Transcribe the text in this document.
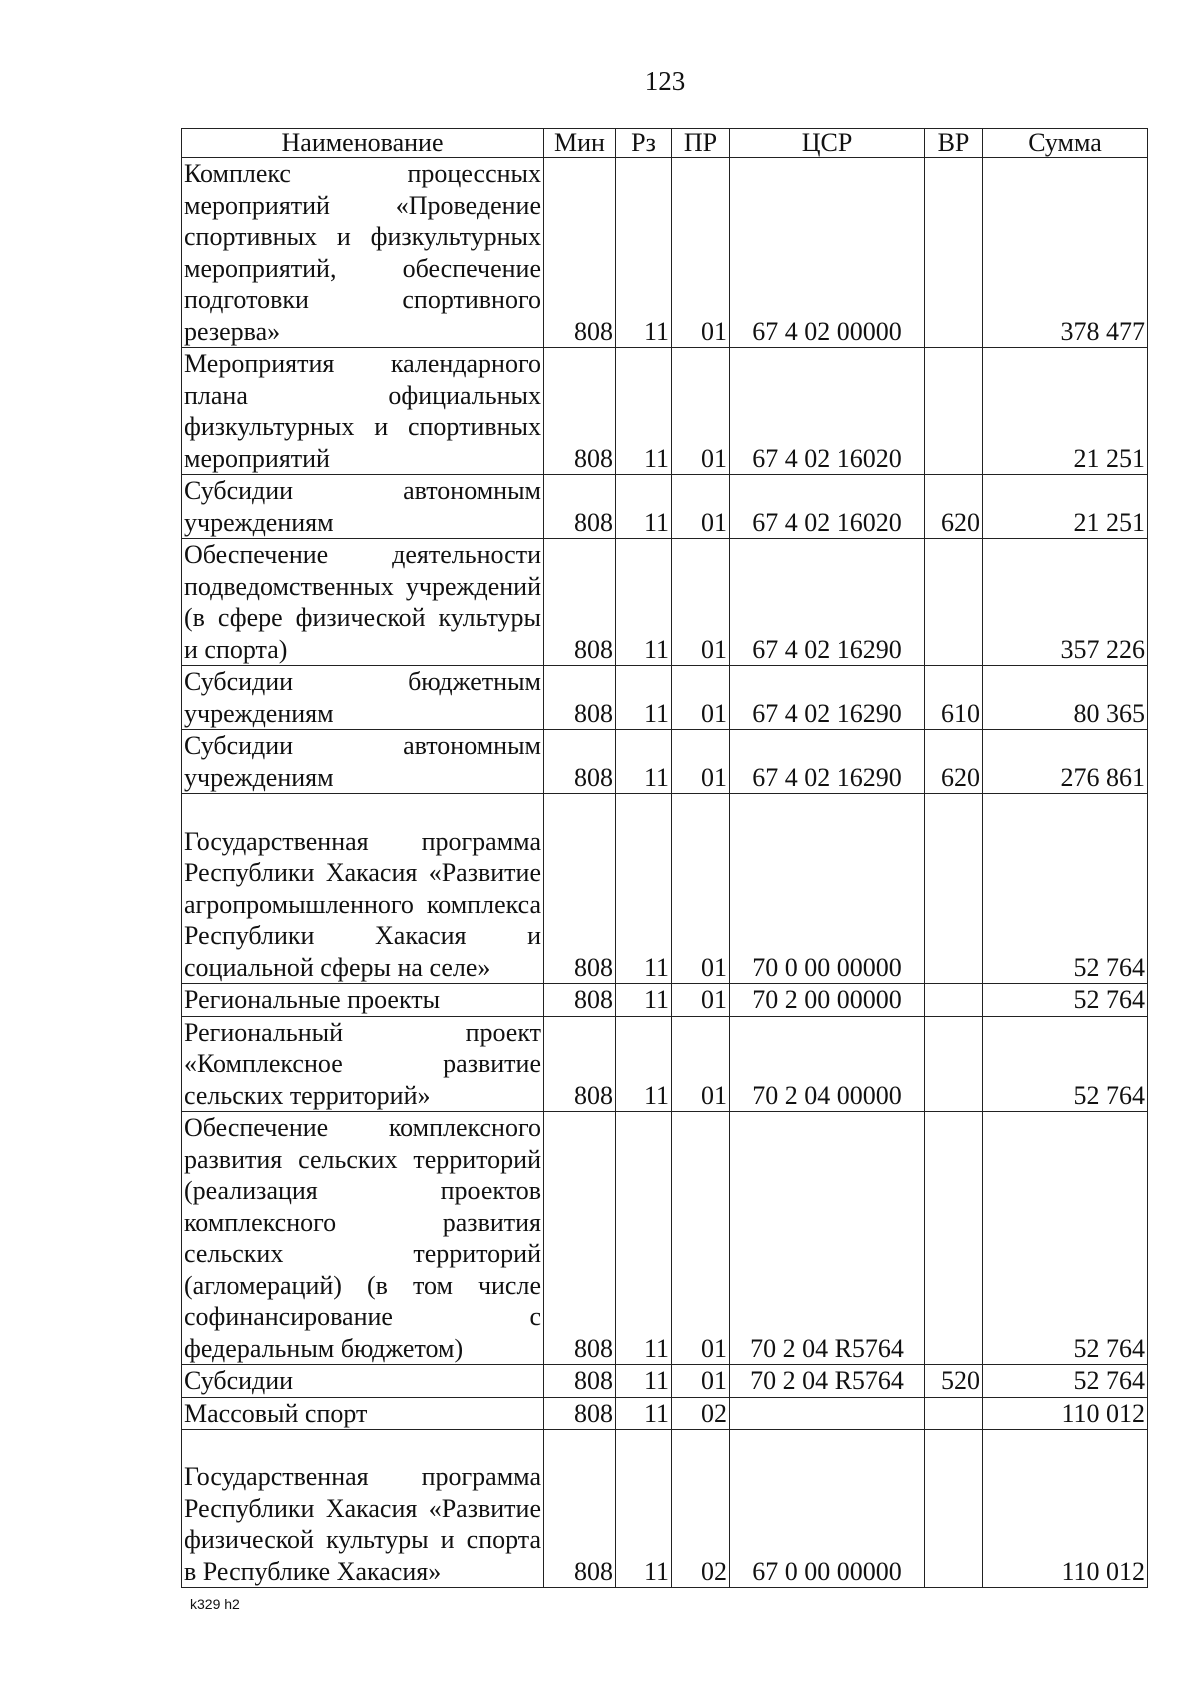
123
Наименование	Мин	Рз	ПР	ЦСР	ВР	Сумма
Комплекс процессных мероприятий «Проведение спортивных и физкультурных мероприятий, обеспечение подготовки спортивного резерва»	808	11	01	67 4 02 00000		378 477
Мероприятия календарного плана официальных физкультурных и спортивных мероприятий	808	11	01	67 4 02 16020		21 251
Субсидии автономным учреждениям	808	11	01	67 4 02 16020	620	21 251
Обеспечение деятельности подведомственных учреждений (в сфере физической культуры и спорта)	808	11	01	67 4 02 16290		357 226
Субсидии бюджетным учреждениям	808	11	01	67 4 02 16290	610	80 365
Субсидии автономным учреждениям	808	11	01	67 4 02 16290	620	276 861
Государственная программа Республики Хакасия «Развитие агропромышленного комплекса Республики Хакасия и социальной сферы на селе»	808	11	01	70 0 00 00000		52 764
Региональные проекты	808	11	01	70 2 00 00000		52 764
Региональный проект «Комплексное развитие сельских территорий»	808	11	01	70 2 04 00000		52 764
Обеспечение комплексного развития сельских территорий (реализация проектов комплексного развития сельских территорий (агломераций) (в том числе софинансирование с федеральным бюджетом)	808	11	01	70 2 04 R5764		52 764
Субсидии	808	11	01	70 2 04 R5764	520	52 764
Массовый спорт	808	11	02			110 012
Государственная программа Республики Хакасия «Развитие физической культуры и спорта в Республике Хакасия»	808	11	02	67 0 00 00000		110 012
k329 h2
